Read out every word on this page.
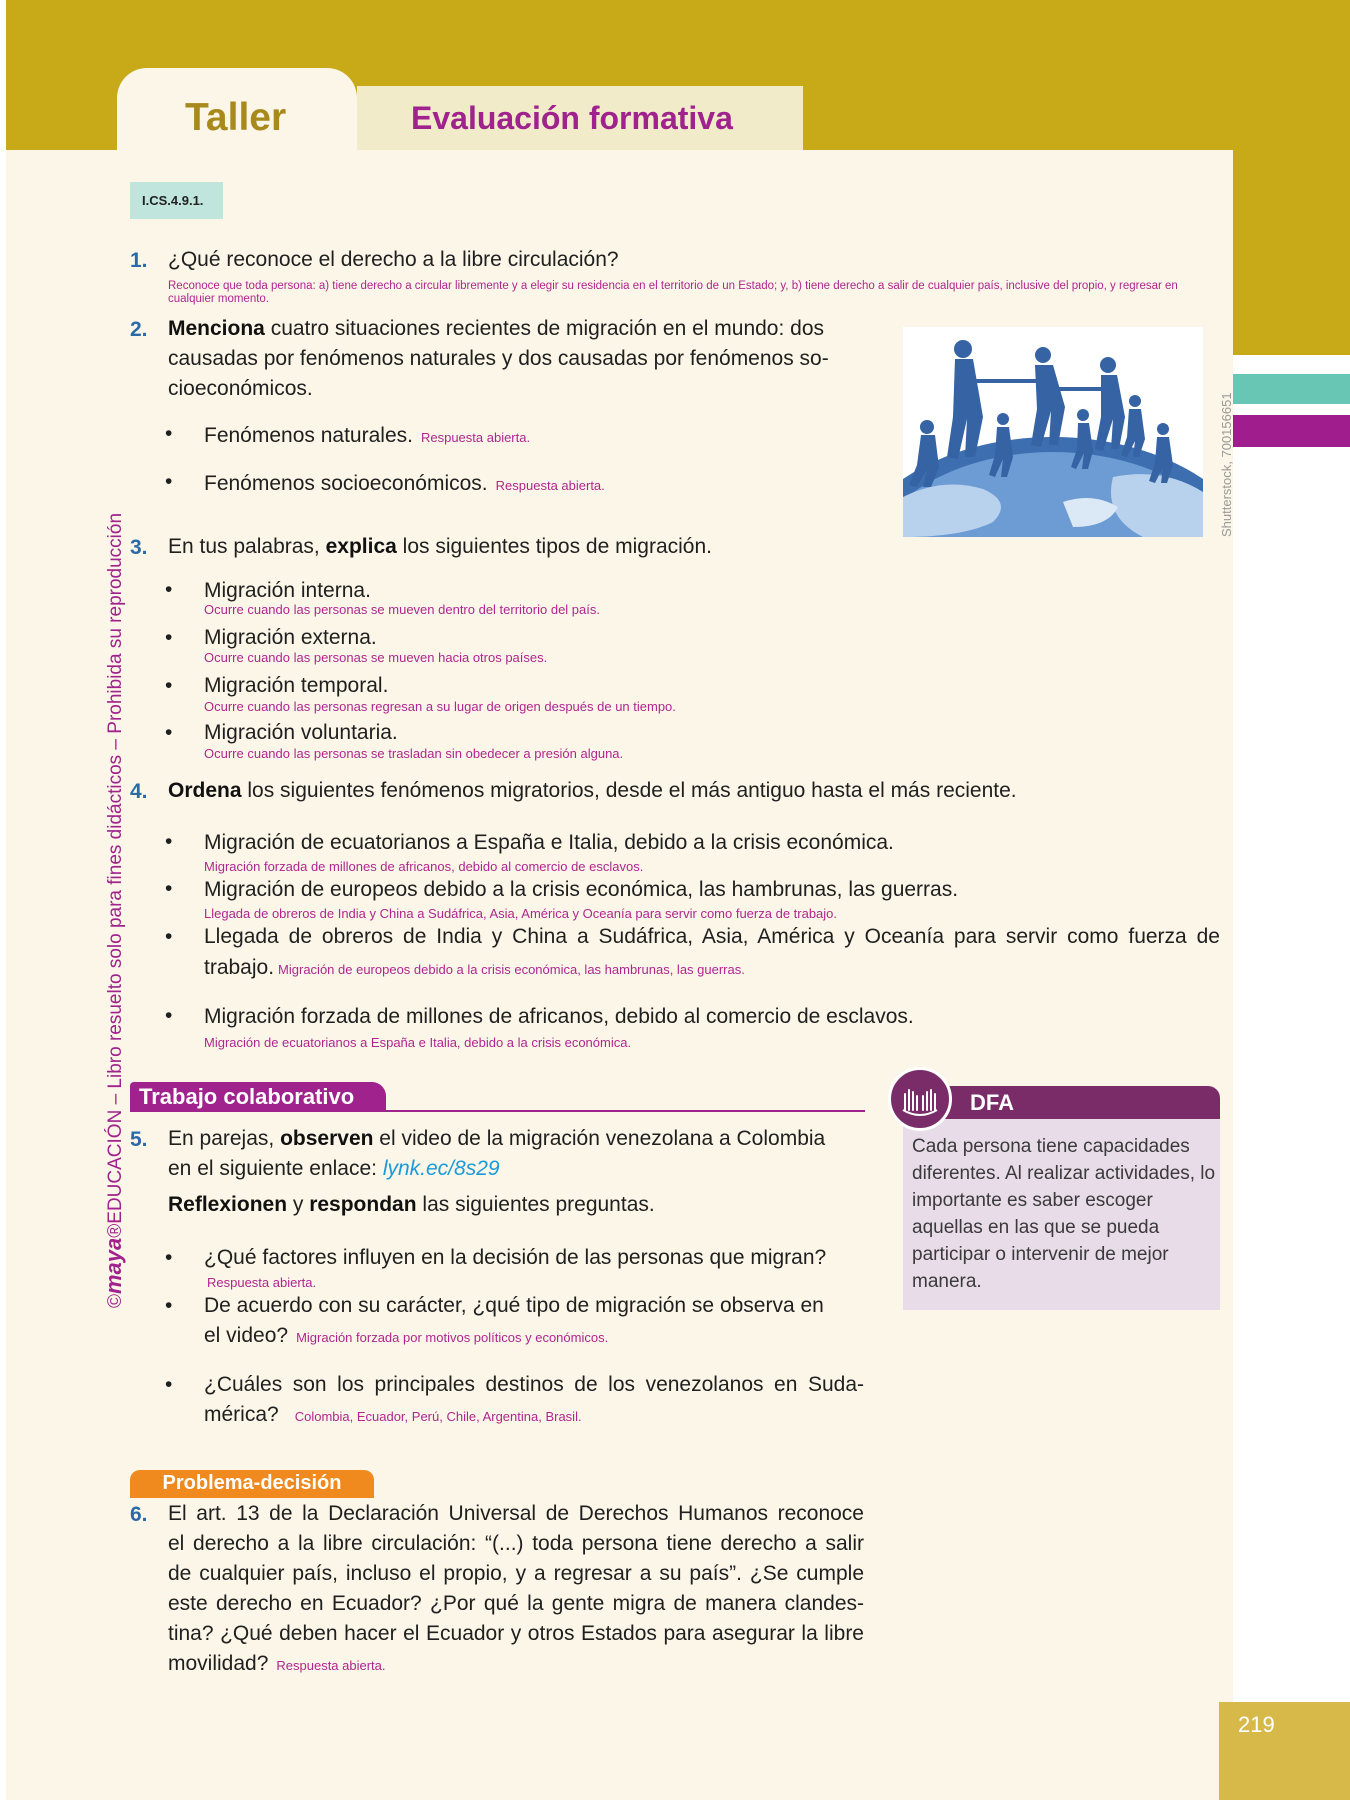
219
Taller	Evaluación formativa
I.CS.4.9.1.
©maya®EDUCACIÓN – Libro resuelto solo para fines didácticos – Prohibida su reproducción
1. ¿Qué reconoce el derecho a la libre circulación?
Reconoce que toda persona: a) tiene derecho a circular libremente y a elegir su residencia en el territorio de un Estado; y, b) tiene derecho a salir de cualquier país, inclusive del propio, y regresar en cualquier momento.
2. Menciona cuatro situaciones recientes de migración en el mundo: dos
causadas por fenómenos naturales y dos causadas por fenómenos so-
cioeconómicos.
• Fenómenos naturales. Respuesta abierta.
• Fenómenos socioeconómicos. Respuesta abierta.	Shutterstock, 700156651
3. En tus palabras, explica los siguientes tipos de migración.
• Migración interna.
Ocurre cuando las personas se mueven dentro del territorio del país.
• Migración externa.
Ocurre cuando las personas se mueven hacia otros países.
• Migración temporal.
Ocurre cuando las personas regresan a su lugar de origen después de un tiempo.
• Migración voluntaria.
Ocurre cuando las personas se trasladan sin obedecer a presión alguna.
4. Ordena los siguientes fenómenos migratorios, desde el más antiguo hasta el más reciente.
• Migración de ecuatorianos a España e Italia, debido a la crisis económica.
Migración forzada de millones de africanos, debido al comercio de esclavos.
• Migración de europeos debido a la crisis económica, las hambrunas, las guerras.
Llegada de obreros de India y China a Sudáfrica, Asia, América y Oceanía para servir como fuerza de trabajo.
• Llegada de obreros de India y China a Sudáfrica, Asia, América y Oceanía para servir como fuerza de
trabajo. Migración de europeos debido a la crisis económica, las hambrunas, las guerras.
• Migración forzada de millones de africanos, debido al comercio de esclavos.
Migración de ecuatorianos a España e Italia, debido a la crisis económica.
Trabajo colaborativo
5. En parejas, observen el video de la migración venezolana a Colombia
en el siguiente enlace: lynk.ec/8s29
Reflexionen y respondan las siguientes preguntas.
• ¿Qué factores influyen en la decisión de las personas que migran?
Respuesta abierta.
• De acuerdo con su carácter, ¿qué tipo de migración se observa en
el video? Migración forzada por motivos políticos y económicos.
• ¿Cuáles son los principales destinos de los venezolanos en Suda-
mérica? Colombia, Ecuador, Perú, Chile, Argentina, Brasil.
DFA
Cada persona tiene capacidades diferentes. Al realizar actividades, lo importante es saber escoger aquellas en las que se pueda participar o intervenir de mejor manera.
Problema-decisión
6. El art. 13 de la Declaración Universal de Derechos Humanos reconoce
el derecho a la libre circulación: “(...) toda persona tiene derecho a salir
de cualquier país, incluso el propio, y a regresar a su país”. ¿Se cumple
este derecho en Ecuador? ¿Por qué la gente migra de manera clandes-
tina? ¿Qué deben hacer el Ecuador y otros Estados para asegurar la libre
movilidad? Respuesta abierta.
